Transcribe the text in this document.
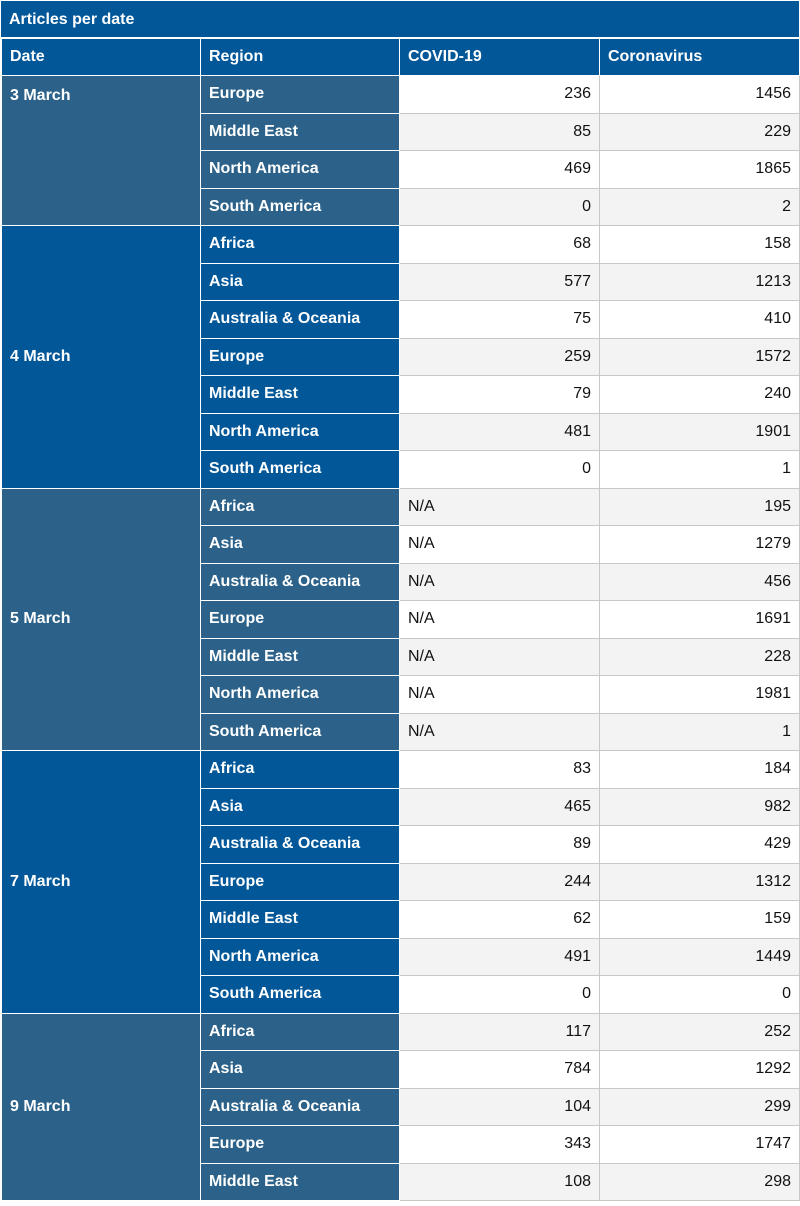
Articles per date
Date	Region	COVID-19	Coronavirus
3 March	Europe	236	1456
	Middle East	85	229
	North America	469	1865
	South America	0	2
4 March	Africa	68	158
	Asia	577	1213
	Australia & Oceania	75	410
	Europe	259	1572
	Middle East	79	240
	North America	481	1901
	South America	0	1
5 March	Africa	N/A	195
	Asia	N/A	1279
	Australia & Oceania	N/A	456
	Europe	N/A	1691
	Middle East	N/A	228
	North America	N/A	1981
	South America	N/A	1
7 March	Africa	83	184
	Asia	465	982
	Australia & Oceania	89	429
	Europe	244	1312
	Middle East	62	159
	North America	491	1449
	South America	0	0
9 March	Africa	117	252
	Asia	784	1292
	Australia & Oceania	104	299
	Europe	343	1747
	Middle East	108	298
